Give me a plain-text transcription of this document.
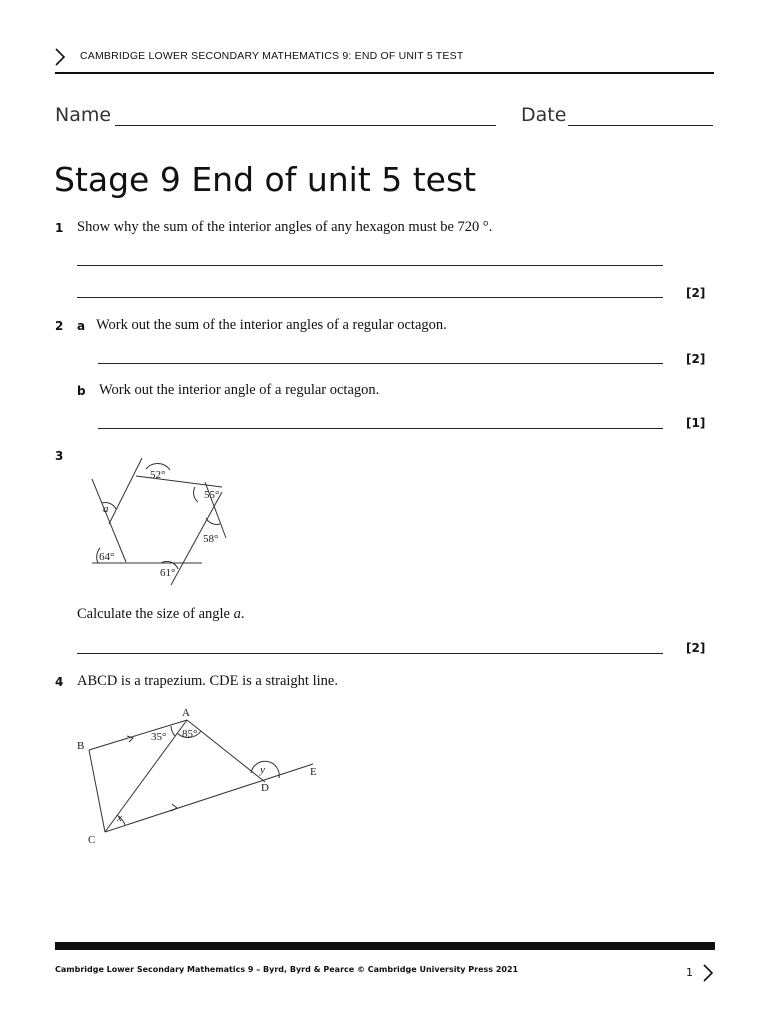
CAMBRIDGE LOWER SECONDARY MATHEMATICS 9: END OF UNIT 5 TEST
Name	Date
Stage 9 End of unit 5 test
1 Show why the sum of the interior angles of any hexagon must be 720 °.
[2]
2 a Work out the sum of the interior angles of a regular octagon.
[2]
b Work out the interior angle of a regular octagon.
[1]
3
52°
55°
58°
61°
64°
a
Calculate the size of angle a.
[2]
4 ABCD is a trapezium. CDE is a straight line.
A
B
C
D
E
35° 85°
x
y
Cambridge Lower Secondary Mathematics 9 – Byrd, Byrd & Pearce © Cambridge University Press 2021	1
